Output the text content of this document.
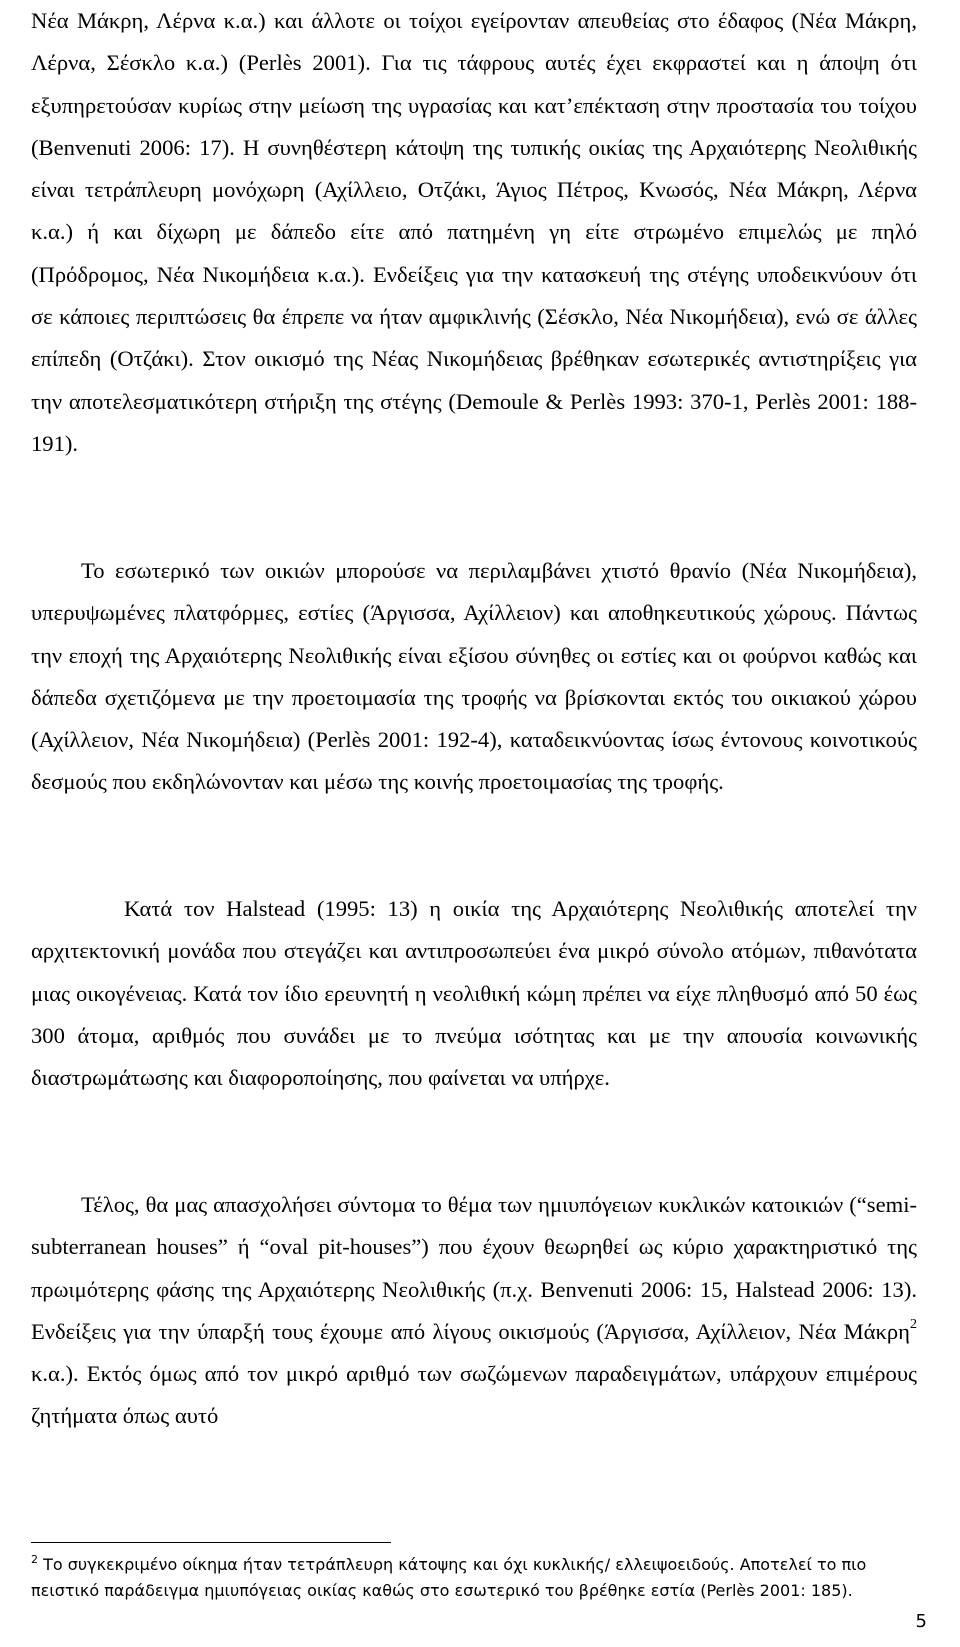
Νέα Μάκρη, Λέρνα κ.α.) και άλλοτε οι τοίχοι εγείρονταν απευθείας στο έδαφος (Νέα Μάκρη, Λέρνα, Σέσκλο κ.α.) (Perlès 2001). Για τις τάφρους αυτές έχει εκφραστεί και η άποψη ότι εξυπηρετούσαν κυρίως στην μείωση της υγρασίας και κατ’επέκταση στην προστασία του τοίχου (Benvenuti 2006: 17). Η συνηθέστερη κάτοψη της τυπικής οικίας της Αρχαιότερης Νεολιθικής είναι τετράπλευρη μονόχωρη (Αχίλλειο, Οτζάκι, Άγιος Πέτρος, Κνωσός, Νέα Μάκρη, Λέρνα κ.α.) ή και δίχωρη με δάπεδο είτε από πατημένη γη είτε στρωμένο επιμελώς με πηλό (Πρόδρομος, Νέα Νικομήδεια κ.α.). Ενδείξεις για την κατασκευή της στέγης υποδεικνύουν ότι σε κάποιες περιπτώσεις θα έπρεπε να ήταν αμφικλινής (Σέσκλο, Νέα Νικομήδεια), ενώ σε άλλες επίπεδη (Οτζάκι). Στον οικισμό της Νέας Νικομήδειας βρέθηκαν εσωτερικές αντιστηρίξεις για την αποτελεσματικότερη στήριξη της στέγης (Demoule & Perlès 1993: 370-1, Perlès 2001: 188-191).

Το εσωτερικό των οικιών μπορούσε να περιλαμβάνει χτιστό θρανίο (Νέα Νικομήδεια), υπερυψωμένες πλατφόρμες, εστίες (Άργισσα, Αχίλλειον) και αποθηκευτικούς χώρους. Πάντως την εποχή της Αρχαιότερης Νεολιθικής είναι εξίσου σύνηθες οι εστίες και οι φούρνοι καθώς και δάπεδα σχετιζόμενα με την προετοιμασία της τροφής να βρίσκονται εκτός του οικιακού χώρου (Αχίλλειον, Νέα Νικομήδεια) (Perlès 2001: 192-4), καταδεικνύοντας ίσως έντονους κοινοτικούς δεσμούς που εκδηλώνονταν και μέσω της κοινής προετοιμασίας της τροφής.

Κατά τον Halstead (1995: 13) η οικία της Αρχαιότερης Νεολιθικής αποτελεί την αρχιτεκτονική μονάδα που στεγάζει και αντιπροσωπεύει ένα μικρό σύνολο ατόμων, πιθανότατα μιας οικογένειας. Κατά τον ίδιο ερευνητή η νεολιθική κώμη πρέπει να είχε πληθυσμό από 50 έως 300 άτομα, αριθμός που συνάδει με το πνεύμα ισότητας και με την απουσία κοινωνικής διαστρωμάτωσης και διαφοροποίησης, που φαίνεται να υπήρχε.

Τέλος, θα μας απασχολήσει σύντομα το θέμα των ημιυπόγειων κυκλικών κατοικιών (“semi-subterranean houses” ή “oval pit-houses”) που έχουν θεωρηθεί ως κύριο χαρακτηριστικό της πρωιμότερης φάσης της Αρχαιότερης Νεολιθικής (π.χ. Benvenuti 2006: 15, Halstead 2006: 13). Ενδείξεις για την ύπαρξή τους έχουμε από λίγους οικισμούς (Άργισσα, Αχίλλειον, Νέα Μάκρη$^2$ κ.α.). Εκτός όμως από τον μικρό αριθμό των σωζώμενων παραδειγμάτων, υπάρχουν επιμέρους ζητήματα όπως αυτό

$^2$ Το συγκεκριμένο οίκημα ήταν τετράπλευρη κάτοψης και όχι κυκλικής/ ελλειψοειδούς. Αποτελεί το πιο πειστικό παράδειγμα ημιυπόγειας οικίας καθώς στο εσωτερικό του βρέθηκε εστία (Perlès 2001: 185).
5
